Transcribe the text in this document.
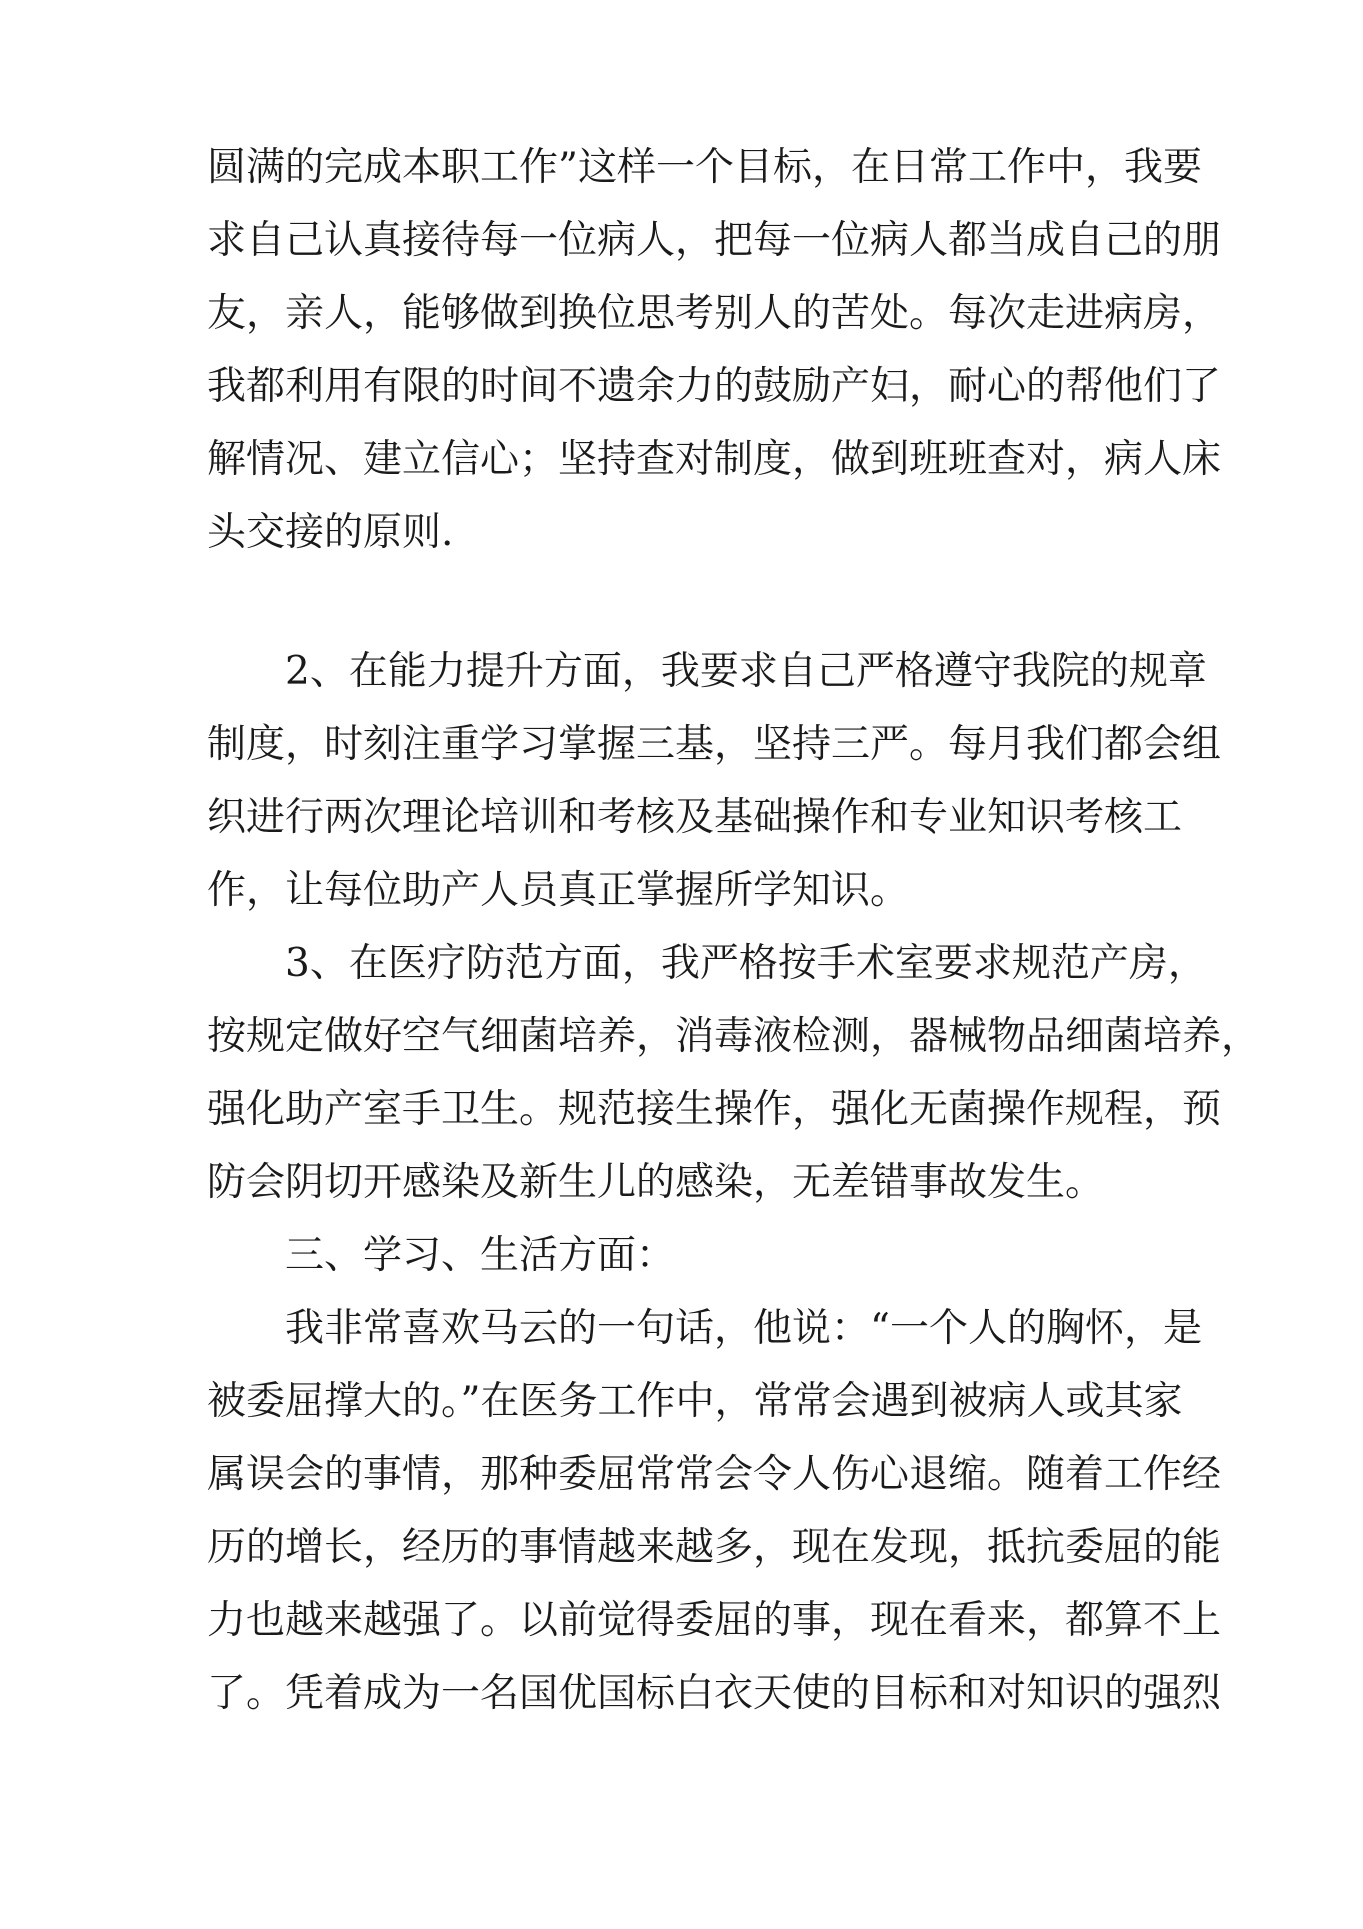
圆满的完成本职工作”这样一个目标，在日常工作中，我要
求自己认真接待每一位病人，把每一位病人都当成自己的朋
友，亲人，能够做到换位思考别人的苦处。每次走进病房，
我都利用有限的时间不遗余力的鼓励产妇，耐心的帮他们了
解情况、建立信心；坚持查对制度，做到班班查对，病人床
头交接的原则.
2、在能力提升方面，我要求自己严格遵守我院的规章
制度，时刻注重学习掌握三基，坚持三严。每月我们都会组
织进行两次理论培训和考核及基础操作和专业知识考核工
作，让每位助产人员真正掌握所学知识。
3、在医疗防范方面，我严格按手术室要求规范产房，
按规定做好空气细菌培养，消毒液检测，器械物品细菌培养，
强化助产室手卫生。规范接生操作，强化无菌操作规程，预
防会阴切开感染及新生儿的感染，无差错事故发生。
三、学习、生活方面：
我非常喜欢马云的一句话，他说：“一个人的胸怀，是
被委屈撑大的。”在医务工作中，常常会遇到被病人或其家
属误会的事情，那种委屈常常会令人伤心退缩。随着工作经
历的增长，经历的事情越来越多，现在发现，抵抗委屈的能
力也越来越强了。以前觉得委屈的事，现在看来，都算不上
了。凭着成为一名国优国标白衣天使的目标和对知识的强烈
